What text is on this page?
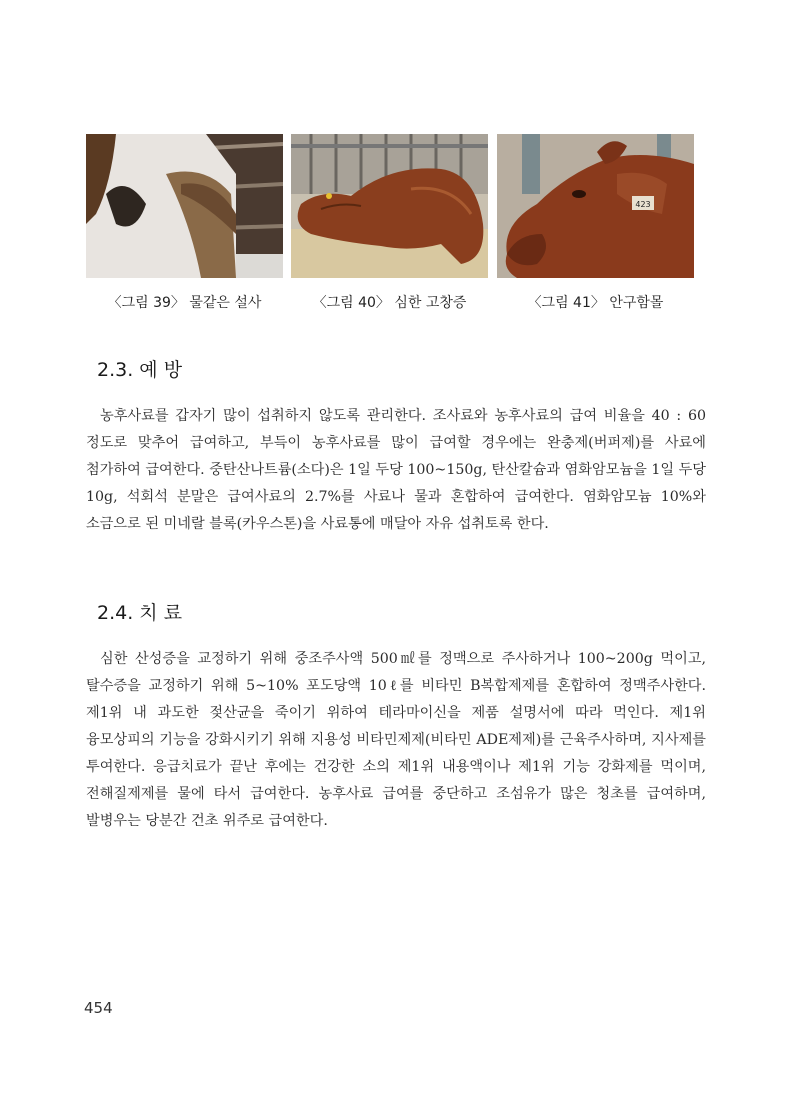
〈그림 39〉 물같은 설사	〈그림 40〉 심한 고창증
423
〈그림 41〉 안구함몰
2.3. 예 방

농후사료를 갑자기 많이 섭취하지 않도록 관리한다. 조사료와 농후사료의 급여 비율을 40 : 60 정도로 맞추어 급여하고, 부득이 농후사료를 많이 급여할 경우에는 완충제(버퍼제)를 사료에 첨가하여 급여한다. 중탄산나트륨(소다)은 1일 두당 100~150g, 탄산칼슘과 염화암모늄을 1일 두당 10g, 석회석 분말은 급여사료의 2.7%를 사료나 물과 혼합하여 급여한다. 염화암모늄 10%와 소금으로 된 미네랄 블록(카우스톤)을 사료통에 매달아 자유 섭취토록 한다.

2.4. 치 료

심한 산성증을 교정하기 위해 중조주사액 500㎖를 정맥으로 주사하거나 100~200g 먹이고, 탈수증을 교정하기 위해 5~10% 포도당액 10ℓ를 비타민 B복합제제를 혼합하여 정맥주사한다. 제1위 내 과도한 젖산균을 죽이기 위하여 테라마이신을 제품 설명서에 따라 먹인다. 제1위 융모상피의 기능을 강화시키기 위해 지용성 비타민제제(비타민 ADE제제)를 근육주사하며, 지사제를 투여한다. 응급치료가 끝난 후에는 건강한 소의 제1위 내용액이나 제1위 기능 강화제를 먹이며, 전해질제제를 물에 타서 급여한다. 농후사료 급여를 중단하고 조섬유가 많은 청초를 급여하며, 발병우는 당분간 건초 위주로 급여한다.

454
